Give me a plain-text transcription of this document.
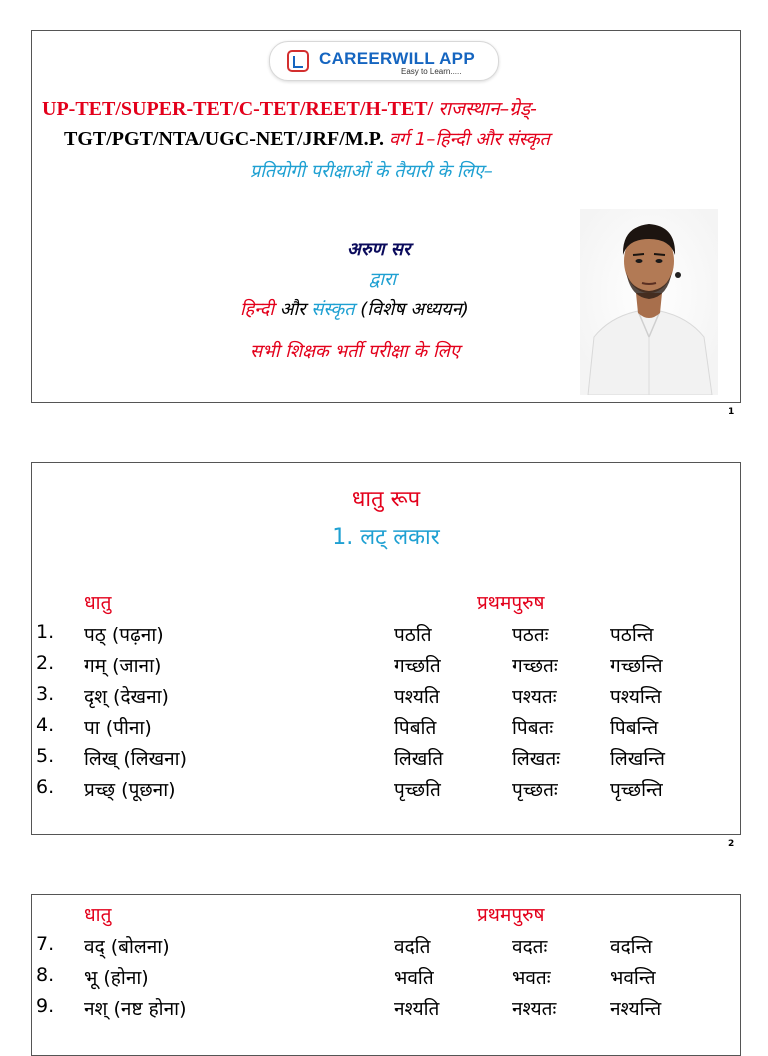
CAREERWILL APP
Easy to Learn.....
UP-TET/SUPER-TET/C-TET/REET/H-TET/ राजस्थान–ग्रेड्-
TGT/PGT/NTA/UGC-NET/JRF/M.P. वर्ग 1–हिन्दी और संस्कृत
प्रतियोगी परीक्षाओं के तैयारी के लिए–
अरुण सर
द्वारा
हिन्दी और संस्कृत (विशेष अध्ययन)
सभी शिक्षक भर्ती परीक्षा के लिए
1
धातु रूप
1. लट् लकार
धातु	प्रथमपुरुष
1. पठ् (पढ़ना)	पठति	पठतः	पठन्ति
2. गम् (जाना)	गच्छति	गच्छतः	गच्छन्ति
3. दृश् (देखना)	पश्यति	पश्यतः	पश्यन्ति
4. पा (पीना)	पिबति	पिबतः	पिबन्ति
5. लिख् (लिखना)	लिखति	लिखतः	लिखन्ति
6. प्रच्छ् (पूछना)	पृच्छति	पृच्छतः	पृच्छन्ति
2
धातु	प्रथमपुरुष
7. वद् (बोलना)	वदति	वदतः	वदन्ति
8. भू (होना)	भवति	भवतः	भवन्ति
9. नश् (नष्ट होना)	नश्यति	नश्यतः	नश्यन्ति
